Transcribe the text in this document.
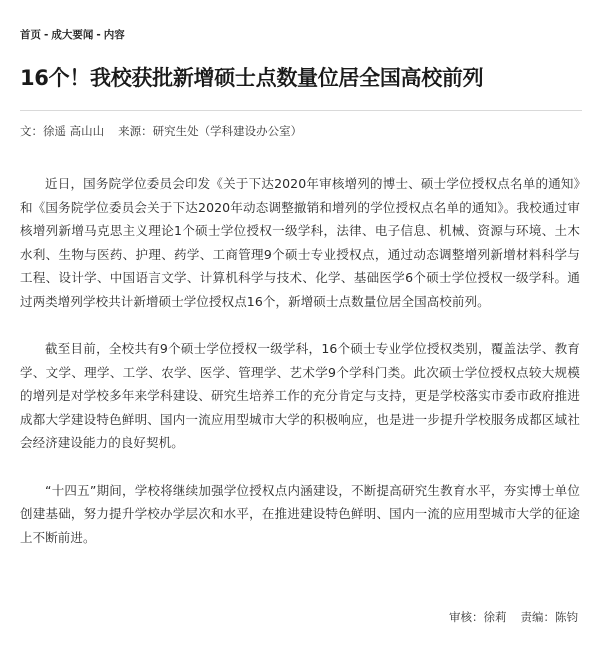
首页 - 成大要闻 - 内容
16个！我校获批新增硕士点数量位居全国高校前列
文：徐遥 高山山 来源：研究生处（学科建设办公室）

近日，国务院学位委员会印发《关于下达2020年审核增列的博士、硕士学位授权点名单的通知》和《国务院学位委员会关于下达2020年动态调整撤销和增列的学位授权点名单的通知》。我校通过审核增列新增马克思主义理论1个硕士学位授权一级学科，法律、电子信息、机械、资源与环境、土木水利、生物与医药、护理、药学、工商管理9个硕士专业授权点，通过动态调整增列新增材料科学与工程、设计学、中国语言文学、计算机科学与技术、化学、基础医学6个硕士学位授权一级学科。通过两类增列学校共计新增硕士学位授权点16个，新增硕士点数量位居全国高校前列。

截至目前，全校共有9个硕士学位授权一级学科，16个硕士专业学位授权类别，覆盖法学、教育学、文学、理学、工学、农学、医学、管理学、艺术学9个学科门类。此次硕士学位授权点较大规模的增列是对学校多年来学科建设、研究生培养工作的充分肯定与支持，更是学校落实市委市政府推进成都大学建设特色鲜明、国内一流应用型城市大学的积极响应，也是进一步提升学校服务成都区域社会经济建设能力的良好契机。

“十四五”期间，学校将继续加强学位授权点内涵建设，不断提高研究生教育水平，夯实博士单位创建基础，努力提升学校办学层次和水平，在推进建设特色鲜明、国内一流的应用型城市大学的征途上不断前进。

审核：徐莉 责编：陈钧
